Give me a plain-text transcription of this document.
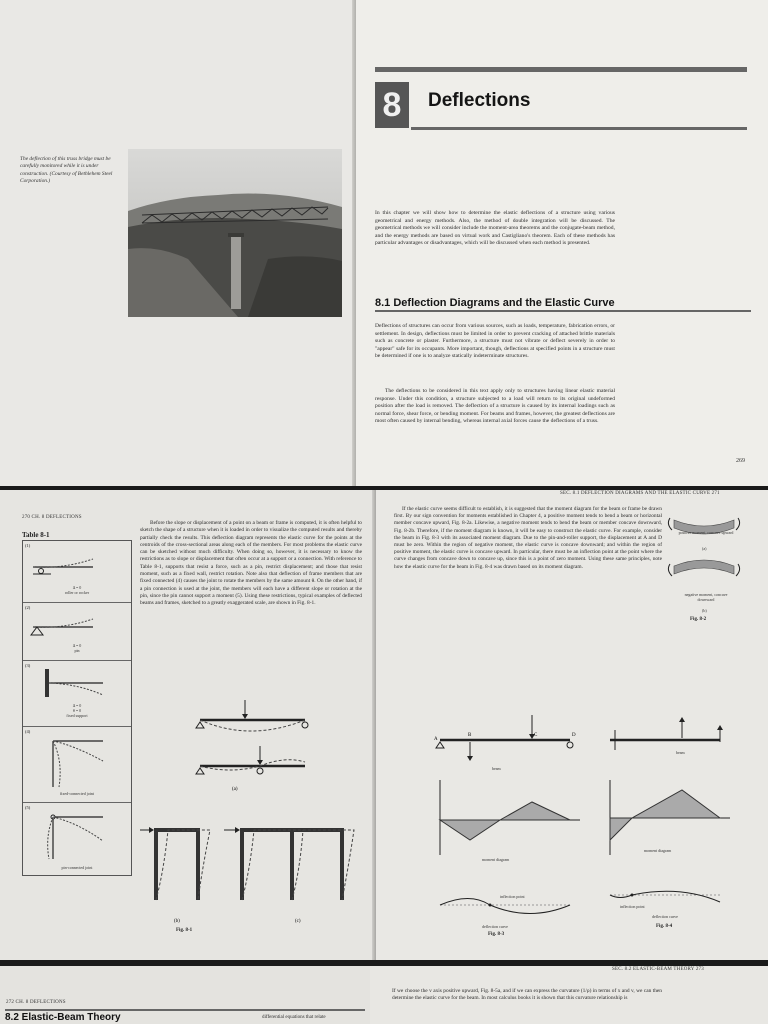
The deflection of this truss bridge must be carefully monitored while it is under construction. (Courtesy of Bethlehem Steel Corporation.)
8	Deflections
In this chapter we will show how to determine the elastic deflections of a structure using various geometrical and energy methods. Also, the method of double integration will be discussed. The geometrical methods we will consider include the moment-area theorems and the conjugate-beam method, and the energy methods are based on virtual work and Castigliano's theorem. Each of these methods has particular advantages or disadvantages, which will be discussed when each method is presented.
8.1 Deflection Diagrams and the Elastic Curve
Deflections of structures can occur from various sources, such as loads, temperature, fabrication errors, or settlement. In design, deflections must be limited in order to prevent cracking of attached brittle materials such as concrete or plaster. Furthermore, a structure must not vibrate or deflect severely in order to "appear" safe for its occupants. More important, though, deflections at specified points in a structure must be determined if one is to analyze statically indeterminate structures.
The deflections to be considered in this text apply only to structures having linear elastic material response. Under this condition, a structure subjected to a load will return to its original undeformed position after the load is removed. The deflection of a structure is caused by its internal loadings such as normal force, shear force, or bending moment. For beams and frames, however, the greatest deflections are most often caused by internal bending, whereas internal axial forces cause the deflections of a truss.
269
270 CH. 8 DEFLECTIONS
Table 8-1
(1)
Δ = 0
roller or rocker
(2)
Δ = 0
pin
(3)
Δ = 0
θ = 0
fixed support
(4)
fixed-connected joint
(5)
pin-connected joint
Before the slope or displacement of a point on a beam or frame is computed, it is often helpful to sketch the shape of a structure when it is loaded in order to visualize the computed results and thereby partially check the results. This deflection diagram represents the elastic curve for the points at the centroids of the cross-sectional areas along each of the members. For most problems the elastic curve can be sketched without much difficulty. When doing so, however, it is necessary to know the restrictions as to slope or displacement that often occur at a support or a connection. With reference to Table 8-1, supports that resist a force, such as a pin, restrict displacement; and those that resist moment, such as a fixed wall, restrict rotation. Note also that deflection of frame members that are fixed connected (4) causes the joint to rotate the members by the same amount θ. On the other hand, if a pin connection is used at the joint, the members will each have a different slope or rotation at the pin, since the pin cannot support a moment (5). Using these restrictions, typical examples of deflected beams and frames, sketched to a greatly exaggerated scale, are shown in Fig. 8-1.
(a)
(b)	(c)
Fig. 8-1
SEC. 8.1 DEFLECTION DIAGRAMS AND THE ELASTIC CURVE 271
If the elastic curve seems difficult to establish, it is suggested that the moment diagram for the beam or frame be drawn first. By our sign convention for moments established in Chapter 4, a positive moment tends to bend a beam or horizontal member concave upward, Fig. 8-2a. Likewise, a negative moment tends to bend the beam or member concave downward, Fig. 8-2b. Therefore, if the moment diagram is known, it will be easy to construct the elastic curve. For example, consider the beam in Fig. 8-3 with its associated moment diagram. Due to the pin-and-roller support, the displacement at A and D must be zero. Within the region of negative moment, the elastic curve is concave downward; and within the region of positive moment, the elastic curve is concave upward. In particular, there must be an inflection point at the point where the curve changes from concave down to concave up, since this is a point of zero moment. Using these same principles, note how the elastic curve for the beam in Fig. 8-4 was drawn based on its moment diagram.
positive moment, concave upward
(a)
negative moment, concave downward
(b)
Fig. 8-2
A
B	C	D
beam
moment diagram
inflection point
deflection curve
Fig. 8-3
beam
moment diagram
inflection point
deflection curve
Fig. 8-4
272 CH. 8 DEFLECTIONS
8.2 Elastic-Beam Theory	differential equations that relate
SEC. 8.2 ELASTIC-BEAM THEORY 273
If we choose the v axis positive upward, Fig. 8-5a, and if we can express the curvature (1/ρ) in terms of x and v, we can then determine the elastic curve for the beam. In most calculus books it is shown that this curvature relationship is
